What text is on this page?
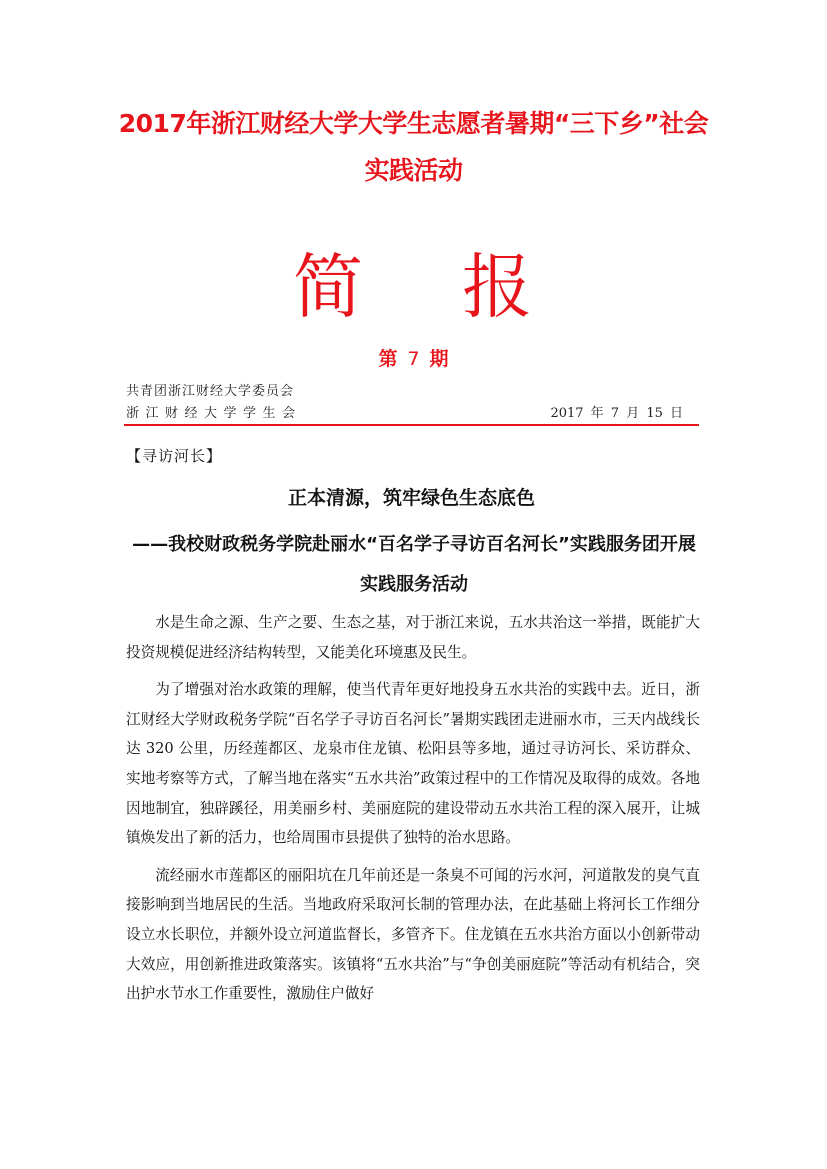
2017年浙江财经大学大学生志愿者暑期“三下乡”社会实践活动
简 报
第 7 期
共青团浙江财经大学委员会
浙江财经大学学生会	2017 年 7 月 15 日
【寻访河长】
正本清源，筑牢绿色生态底色
——我校财政税务学院赴丽水“百名学子寻访百名河长”实践服务团开展实践服务活动

水是生命之源、生产之要、生态之基，对于浙江来说，五水共治这一举措，既能扩大投资规模促进经济结构转型，又能美化环境惠及民生。

为了增强对治水政策的理解，使当代青年更好地投身五水共治的实践中去。近日，浙江财经大学财政税务学院“百名学子寻访百名河长”暑期实践团走进丽水市，三天内战线长达 320 公里，历经莲都区、龙泉市住龙镇、松阳县等多地，通过寻访河长、采访群众、实地考察等方式，了解当地在落实“五水共治”政策过程中的工作情况及取得的成效。各地因地制宜，独辟蹊径，用美丽乡村、美丽庭院的建设带动五水共治工程的深入展开，让城镇焕发出了新的活力，也给周围市县提供了独特的治水思路。

流经丽水市莲都区的丽阳坑在几年前还是一条臭不可闻的污水河，河道散发的臭气直接影响到当地居民的生活。当地政府采取河长制的管理办法，在此基础上将河长工作细分设立水长职位，并额外设立河道监督长，多管齐下。住龙镇在五水共治方面以小创新带动大效应，用创新推进政策落实。该镇将“五水共治”与“争创美丽庭院”等活动有机结合，突出护水节水工作重要性，激励住户做好
